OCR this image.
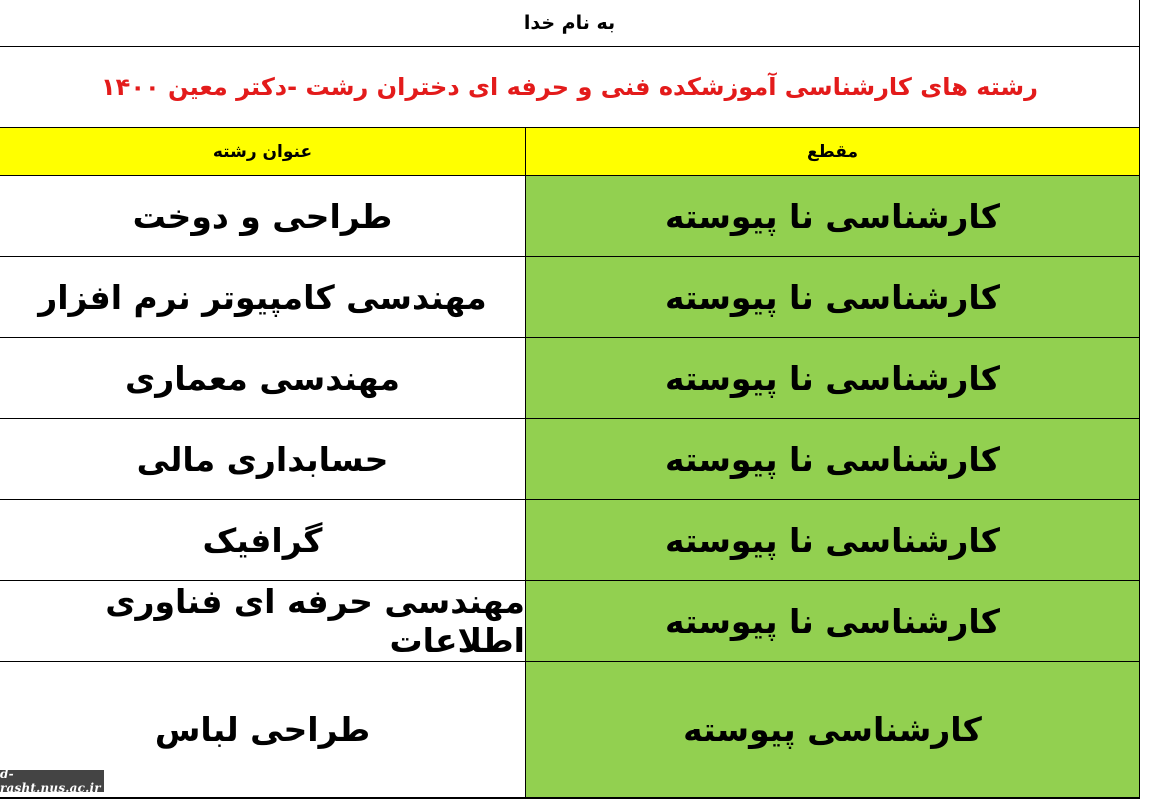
به نام خدا
رشته های کارشناسی آموزشکده فنی و حرفه ای دختران رشت -دکتر معین ۱۴۰۰
عنوان رشته	مقطع
طراحی و دوخت	کارشناسی نا پیوسته
مهندسی کامپیوتر نرم افزار	کارشناسی نا پیوسته
مهندسی معماری	کارشناسی نا پیوسته
حسابداری مالی	کارشناسی نا پیوسته
گرافیک	کارشناسی نا پیوسته
مهندسی حرفه ای فناوری اطلاعات	کارشناسی نا پیوسته
طراحی لباس	کارشناسی پیوسته
d-rasht.nus.ac.ir
